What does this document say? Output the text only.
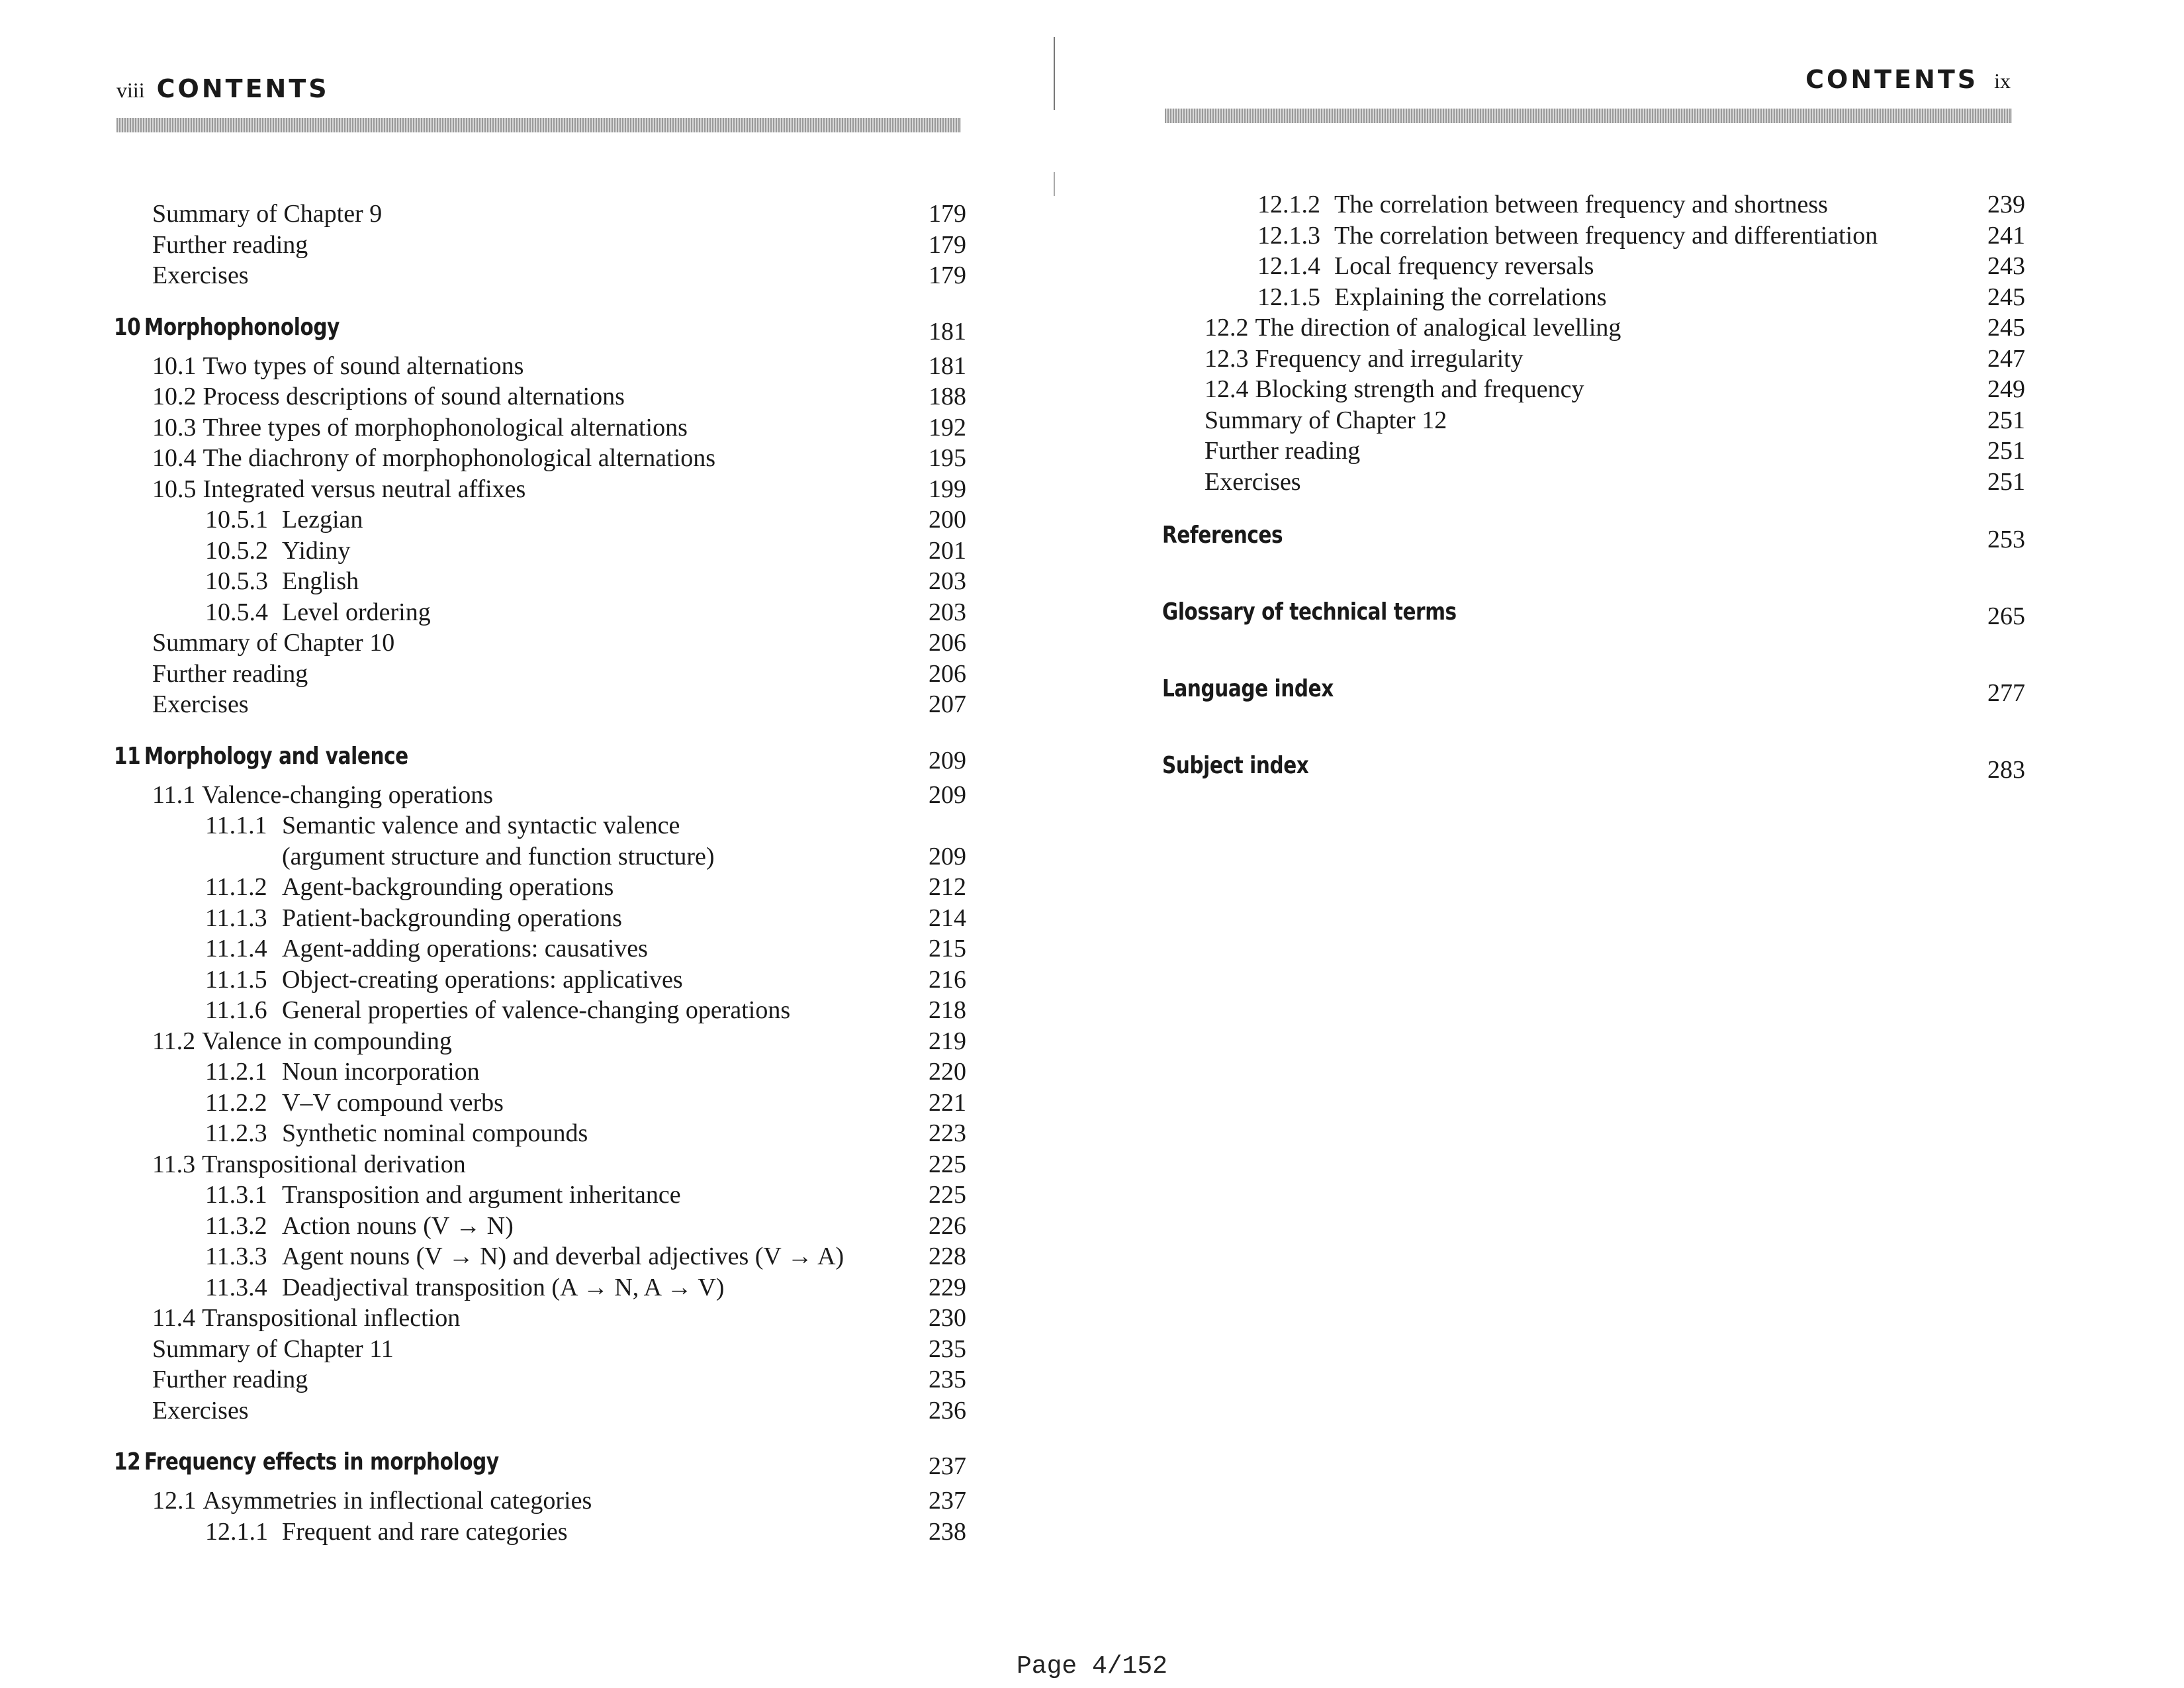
viii CONTENTS
Summary of Chapter 9	179
Further reading	179
Exercises	179
10 Morphophonology	181
10.1 Two types of sound alternations	181
10.2 Process descriptions of sound alternations	188
10.3 Three types of morphophonological alternations	192
10.4 The diachrony of morphophonological alternations	195
10.5 Integrated versus neutral affixes	199
10.5.1 Lezgian	200
10.5.2 Yidiny	201
10.5.3 English	203
10.5.4 Level ordering	203
Summary of Chapter 10	206
Further reading	206
Exercises	207
11 Morphology and valence	209
11.1 Valence-changing operations	209
11.1.1 Semantic valence and syntactic valence
(argument structure and function structure)	209
11.1.2 Agent-backgrounding operations	212
11.1.3 Patient-backgrounding operations	214
11.1.4 Agent-adding operations: causatives	215
11.1.5 Object-creating operations: applicatives	216
11.1.6 General properties of valence-changing operations	218
11.2 Valence in compounding	219
11.2.1 Noun incorporation	220
11.2.2 V–V compound verbs	221
11.2.3 Synthetic nominal compounds	223
11.3 Transpositional derivation	225
11.3.1 Transposition and argument inheritance	225
11.3.2 Action nouns (V → N)	226
11.3.3 Agent nouns (V → N) and deverbal adjectives (V → A)	228
11.3.4 Deadjectival transposition (A → N, A → V)	229
11.4 Transpositional inflection	230
Summary of Chapter 11	235
Further reading	235
Exercises	236
12 Frequency effects in morphology	237
12.1 Asymmetries in inflectional categories	237
12.1.1 Frequent and rare categories	238
CONTENTS ix
12.1.2 The correlation between frequency and shortness	239
12.1.3 The correlation between frequency and differentiation	241
12.1.4 Local frequency reversals	243
12.1.5 Explaining the correlations	245
12.2 The direction of analogical levelling	245
12.3 Frequency and irregularity	247
12.4 Blocking strength and frequency	249
Summary of Chapter 12	251
Further reading	251
Exercises	251
References	253
Glossary of technical terms	265
Language index	277
Subject index	283
Page 4/152
